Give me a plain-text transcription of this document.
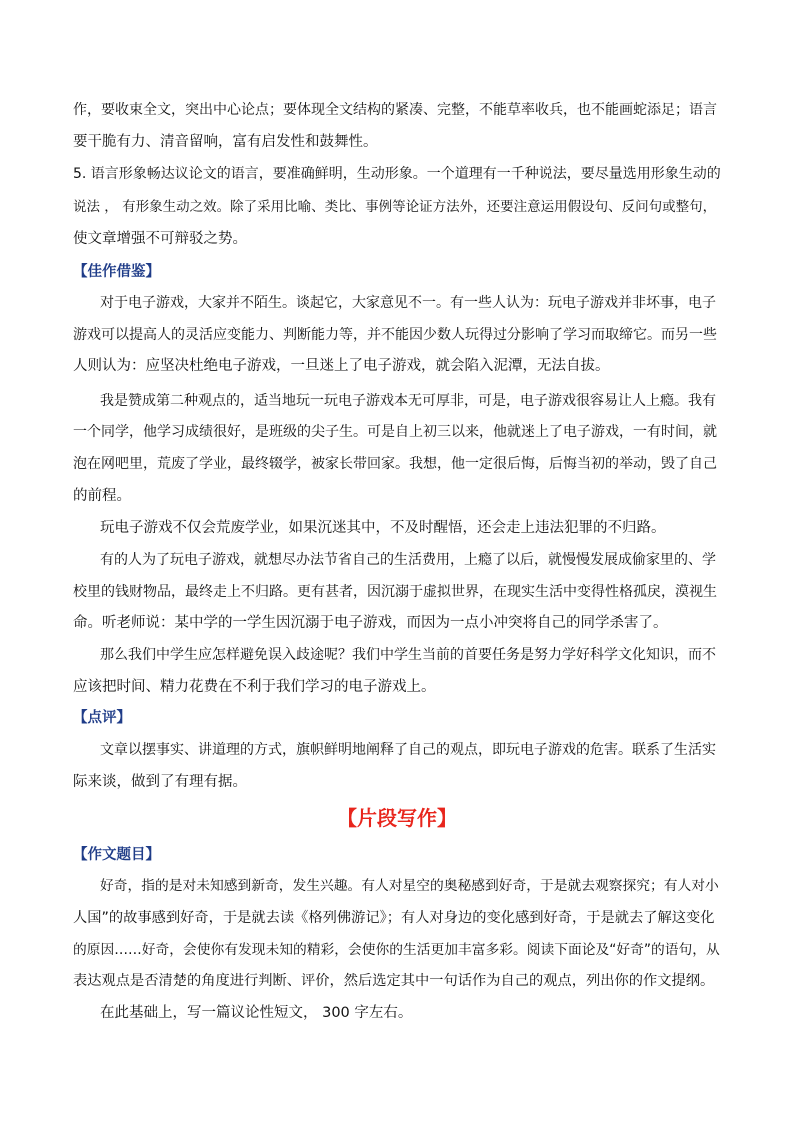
作，要收束全文，突出中心论点；要体现全文结构的紧凑、完整，不能草率收兵，也不能画蛇添足；语言

要干脆有力、清音留响，富有启发性和鼓舞性。

5. 语言形象畅达议论文的语言，要准确鲜明，生动形象。一个道理有一千种说法，要尽量选用形象生动的

说法 ， 有形象生动之效。除了采用比喻、类比、事例等论证方法外，还要注意运用假设句、反问句或整句，

使文章增强不可辩驳之势。

【佳作借鉴】

对于电子游戏，大家并不陌生。谈起它，大家意见不一。有一些人认为：玩电子游戏并非坏事，电子

游戏可以提高人的灵活应变能力、判断能力等，并不能因少数人玩得过分影响了学习而取缔它。而另一些

人则认为：应坚决杜绝电子游戏，一旦迷上了电子游戏，就会陷入泥潭，无法自拔。

我是赞成第二种观点的，适当地玩一玩电子游戏本无可厚非，可是，电子游戏很容易让人上瘾。我有

一个同学，他学习成绩很好，是班级的尖子生。可是自上初三以来，他就迷上了电子游戏，一有时间，就

泡在网吧里，荒废了学业，最终辍学，被家长带回家。我想，他一定很后悔，后悔当初的举动，毁了自己

的前程。

玩电子游戏不仅会荒废学业，如果沉迷其中，不及时醒悟，还会走上违法犯罪的不归路。

有的人为了玩电子游戏，就想尽办法节省自己的生活费用，上瘾了以后，就慢慢发展成偷家里的、学

校里的钱财物品，最终走上不归路。更有甚者，因沉溺于虚拟世界，在现实生活中变得性格孤戾，漠视生

命。听老师说：某中学的一学生因沉溺于电子游戏，而因为一点小冲突将自己的同学杀害了。

那么我们中学生应怎样避免误入歧途呢？我们中学生当前的首要任务是努力学好科学文化知识，而不

应该把时间、精力花费在不利于我们学习的电子游戏上。

【点评】

文章以摆事实、讲道理的方式，旗帜鲜明地阐释了自己的观点，即玩电子游戏的危害。联系了生活实

际来谈，做到了有理有据。

【片段写作】

【作文题目】

好奇，指的是对未知感到新奇，发生兴趣。有人对星空的奥秘感到好奇，于是就去观察探究；有人对小

人国”的故事感到好奇，于是就去读《格列佛游记》；有人对身边的变化感到好奇，于是就去了解这变化

的原因……好奇，会使你有发现未知的精彩，会使你的生活更加丰富多彩。阅读下面论及“好奇”的语句，从

表达观点是否清楚的角度进行判断、评价，然后选定其中一句话作为自己的观点，列出你的作文提纲。

在此基础上，写一篇议论性短文， 300 字左右。
